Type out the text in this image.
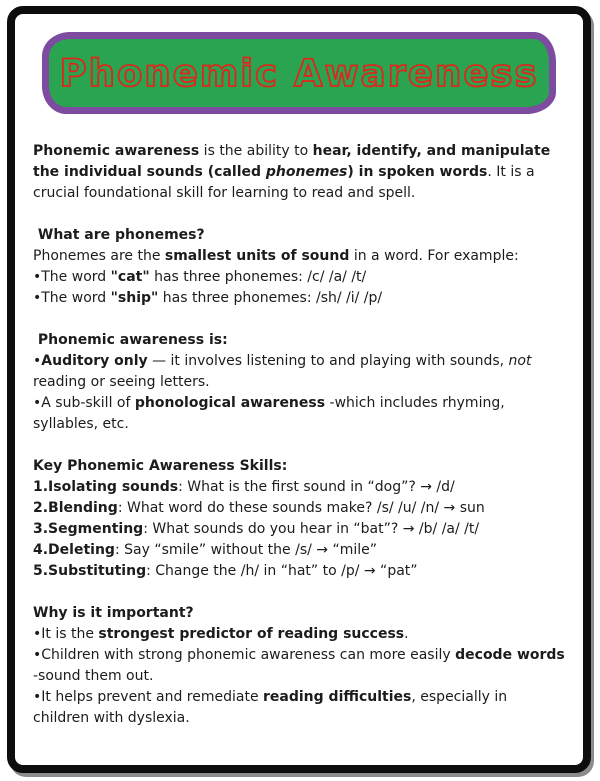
Phonemic Awareness

Phonemic awareness is the ability to hear, identify, and manipulate the individual sounds (called phonemes) in spoken words. It is a crucial foundational skill for learning to read and spell.

What are phonemes?

Phonemes are the smallest units of sound in a word. For example:

•The word "cat" has three phonemes: /c/ /a/ /t/

•The word "ship" has three phonemes: /sh/ /i/ /p/

Phonemic awareness is:

•Auditory only — it involves listening to and playing with sounds, not reading or seeing letters.

•A sub-skill of phonological awareness -which includes rhyming, syllables, etc.

Key Phonemic Awareness Skills:

1.Isolating sounds: What is the first sound in “dog”? → /d/

2.Blending: What word do these sounds make? /s/ /u/ /n/ → sun

3.Segmenting: What sounds do you hear in “bat”? → /b/ /a/ /t/

4.Deleting: Say “smile” without the /s/ → “mile”

5.Substituting: Change the /h/ in “hat” to /p/ → “pat”

Why is it important?

•It is the strongest predictor of reading success.

•Children with strong phonemic awareness can more easily decode words -sound them out.

•It helps prevent and remediate reading difficulties, especially in children with dyslexia.
